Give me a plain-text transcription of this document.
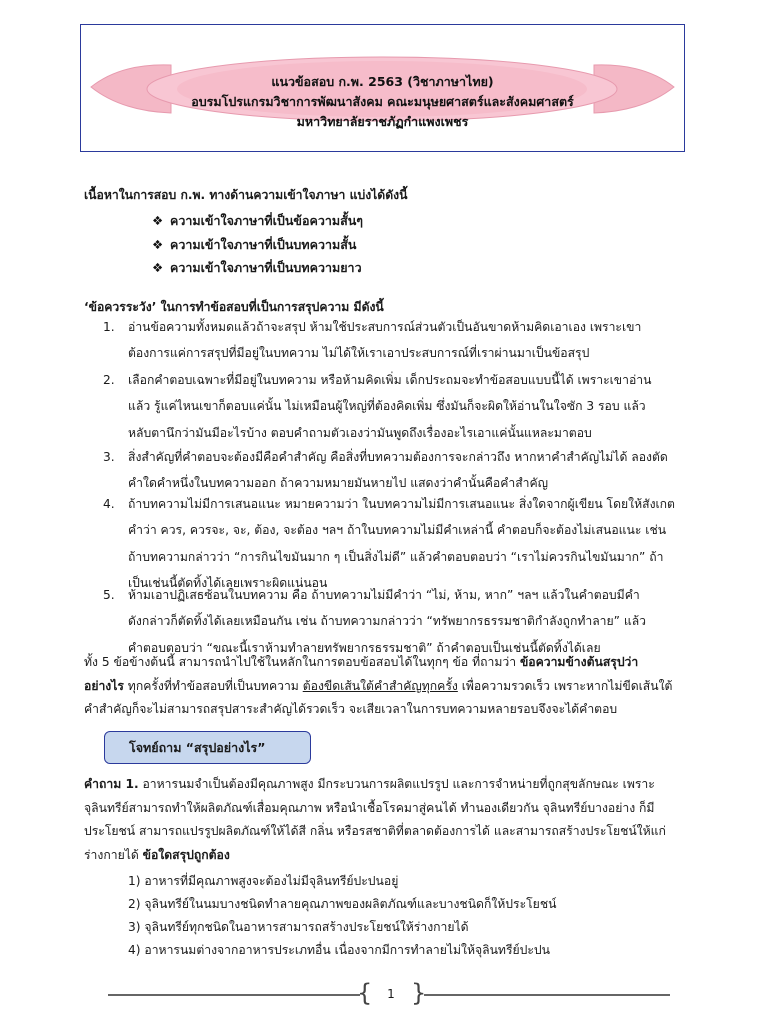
แนวข้อสอบ ก.พ. 2563 (วิชาภาษาไทย)
อบรมโปรแกรมวิชาการพัฒนาสังคม คณะมนุษยศาสตร์และสังคมศาสตร์
มหาวิทยาลัยราชภัฏกำแพงเพชร
เนื้อหาในการสอบ ก.พ. ทางด้านความเข้าใจภาษา แบ่งได้ดังนี้
❖ ความเข้าใจภาษาที่เป็นข้อความสั้นๆ
❖ ความเข้าใจภาษาที่เป็นบทความสั้น
❖ ความเข้าใจภาษาที่เป็นบทความยาว
‘ข้อควรระวัง’ ในการทำข้อสอบที่เป็นการสรุปความ มีดังนี้
1. อ่านข้อความทั้งหมดแล้วถ้าจะสรุป ห้ามใช้ประสบการณ์ส่วนตัวเป็นอันขาดห้ามคิดเอาเอง เพราะเขา
ต้องการแค่การสรุปที่มีอยู่ในบทความ ไม่ได้ให้เราเอาประสบการณ์ที่เราผ่านมาเป็นข้อสรุป
2. เลือกคำตอบเฉพาะที่มีอยู่ในบทความ หรือห้ามคิดเพิ่ม เด็กประถมจะทำข้อสอบแบบนี้ได้ เพราะเขาอ่าน
แล้ว รู้แค่ไหนเขาก็ตอบแค่นั้น ไม่เหมือนผู้ใหญ่ที่ต้องคิดเพิ่ม ซึ่งมันก็จะผิดให้อ่านในใจซัก 3 รอบ แล้ว
หลับตานึกว่ามันมีอะไรบ้าง ตอบคำถามตัวเองว่ามันพูดถึงเรื่องอะไรเอาแค่นั้นแหละมาตอบ
3. สิ่งสำคัญที่คำตอบจะต้องมีคือคำสำคัญ คือสิ่งที่บทความต้องการจะกล่าวถึง หากหาคำสำคัญไม่ได้ ลองตัด
คำใดคำหนึ่งในบทความออก ถ้าความหมายมันหายไป แสดงว่าคำนั้นคือคำสำคัญ
4. ถ้าบทความไม่มีการเสนอแนะ หมายความว่า ในบทความไม่มีการเสนอแนะ สิ่งใดจากผู้เขียน โดยให้สังเกต
คำว่า ควร, ควรจะ, จะ, ต้อง, จะต้อง ฯลฯ ถ้าในบทความไม่มีคำเหล่านี้ คำตอบก็จะต้องไม่เสนอแนะ เช่น
ถ้าบทความกล่าวว่า “การกินไขมันมาก ๆ เป็นสิ่งไม่ดี” แล้วคำตอบตอบว่า “เราไม่ควรกินไขมันมาก” ถ้า
เป็นเช่นนี้ตัดทิ้งได้เลยเพราะผิดแน่นอน
5. ห้ามเอาปฏิเสธซ้อนในบทความ คือ ถ้าบทความไม่มีคำว่า “ไม่, ห้าม, หาก” ฯลฯ แล้วในคำตอบมีคำ
ดังกล่าวก็ตัดทิ้งได้เลยเหมือนกัน เช่น ถ้าบทความกล่าวว่า “ทรัพยากรธรรมชาติกำลังถูกทำลาย” แล้ว
คำตอบตอบว่า “ขณะนี้เราห้ามทำลายทรัพยากรธรรมชาติ” ถ้าคำตอบเป็นเช่นนี้ตัดทิ้งได้เลย
ทั้ง 5 ข้อข้างต้นนี้ สามารถนำไปใช้ในหลักในการตอบข้อสอบได้ในทุกๆ ข้อ ที่ถามว่า ข้อความข้างต้นสรุปว่า
อย่างไร ทุกครั้งที่ทำข้อสอบที่เป็นบทความ ต้องขีดเส้นใต้คำสำคัญทุกครั้ง เพื่อความรวดเร็ว เพราะหากไม่ขีดเส้นใต้
คำสำคัญก็จะไม่สามารถสรุปสาระสำคัญได้รวดเร็ว จะเสียเวลาในการบทความหลายรอบจึงจะได้คำตอบ
โจทย์ถาม “สรุปอย่างไร”
คำถาม 1. อาหารนมจำเป็นต้องมีคุณภาพสูง มีกระบวนการผลิตแปรรูป และการจำหน่ายที่ถูกสุขลักษณะ เพราะ
จุลินทรีย์สามารถทำให้ผลิตภัณฑ์เสื่อมคุณภาพ หรือนำเชื้อโรคมาสู่คนได้ ทำนองเดียวกัน จุลินทรีย์บางอย่าง ก็มี
ประโยชน์ สามารถแปรรูปผลิตภัณฑ์ให้ได้สี กลิ่น หรือรสชาติที่ตลาดต้องการได้ และสามารถสร้างประโยชน์ให้แก่
ร่างกายได้ ข้อใดสรุปถูกต้อง
1) อาหารที่มีคุณภาพสูงจะต้องไม่มีจุลินทรีย์ปะปนอยู่
2) จุลินทรีย์ในนมบางชนิดทำลายคุณภาพของผลิตภัณฑ์และบางชนิดก็ให้ประโยชน์
3) จุลินทรีย์ทุกชนิดในอาหารสามารถสร้างประโยชน์ให้ร่างกายได้
4) อาหารนมต่างจากอาหารประเภทอื่น เนื่องจากมีการทำลายไม่ให้จุลินทรีย์ปะปน
{	1 }
